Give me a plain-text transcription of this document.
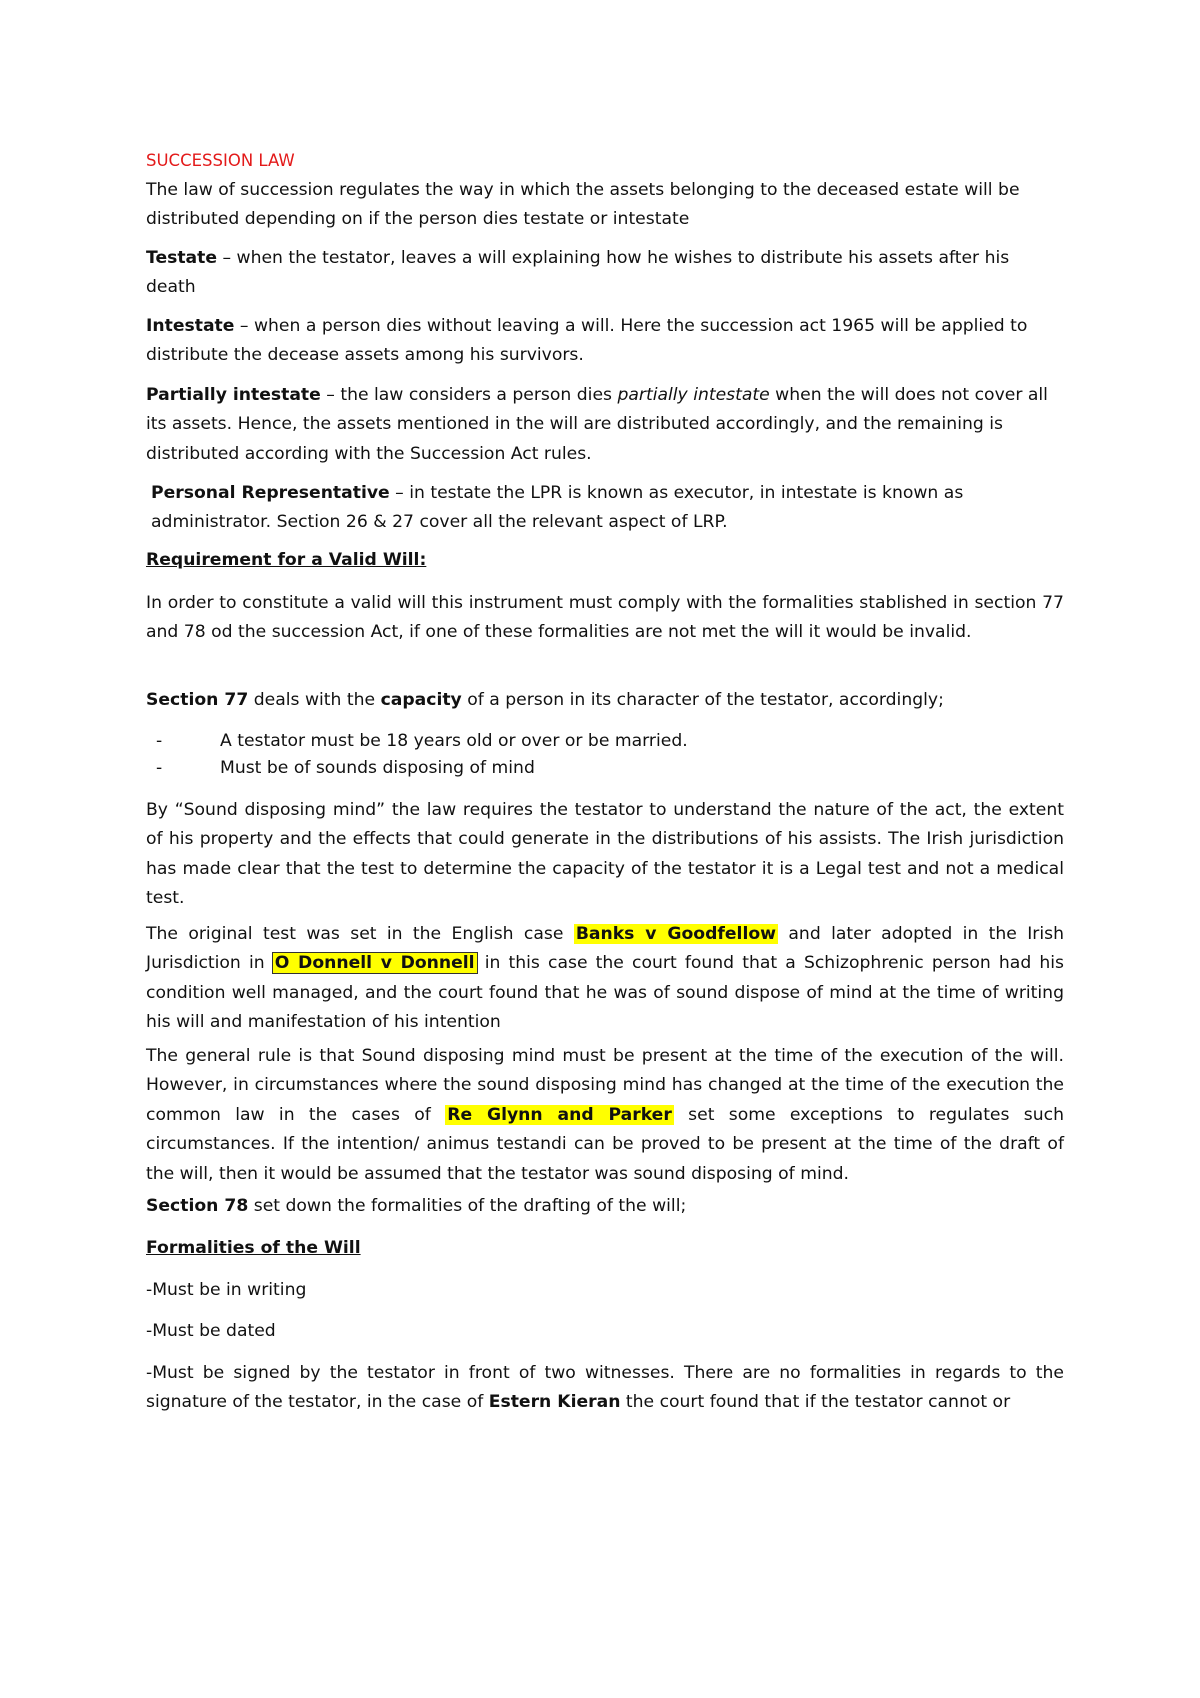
SUCCESSION LAW

The law of succession regulates the way in which the assets belonging to the deceased estate will be distributed depending on if the person dies testate or intestate

Testate – when the testator, leaves a will explaining how he wishes to distribute his assets after his death

Intestate – when a person dies without leaving a will. Here the succession act 1965 will be applied to distribute the decease assets among his survivors.

Partially intestate – the law considers a person dies partially intestate when the will does not cover all its assets. Hence, the assets mentioned in the will are distributed accordingly, and the remaining is distributed according with the Succession Act rules.

Personal Representative – in testate the LPR is known as executor, in intestate is known as administrator. Section 26 & 27 cover all the relevant aspect of LRP.

Requirement for a Valid Will:

In order to constitute a valid will this instrument must comply with the formalities stablished in section 77 and 78 od the succession Act, if one of these formalities are not met the will it would be invalid.

Section 77 deals with the capacity of a person in its character of the testator, accordingly;

-	A testator must be 18 years old or over or be married.
-	Must be of sounds disposing of mind

By “Sound disposing mind” the law requires the testator to understand the nature of the act, the extent of his property and the effects that could generate in the distributions of his assists. The Irish jurisdiction has made clear that the test to determine the capacity of the testator it is a Legal test and not a medical test.

The original test was set in the English case Banks v Goodfellow and later adopted in the Irish Jurisdiction in O Donnell v Donnell in this case the court found that a Schizophrenic person had his condition well managed, and the court found that he was of sound dispose of mind at the time of writing his will and manifestation of his intention

The general rule is that Sound disposing mind must be present at the time of the execution of the will. However, in circumstances where the sound disposing mind has changed at the time of the execution the common law in the cases of Re Glynn and Parker set some exceptions to regulates such circumstances. If the intention/ animus testandi can be proved to be present at the time of the draft of the will, then it would be assumed that the testator was sound disposing of mind.

Section 78 set down the formalities of the drafting of the will;

Formalities of the Will

-Must be in writing

-Must be dated

-Must be signed by the testator in front of two witnesses. There are no formalities in regards to the signature of the testator, in the case of Estern Kieran the court found that if the testator cannot or
